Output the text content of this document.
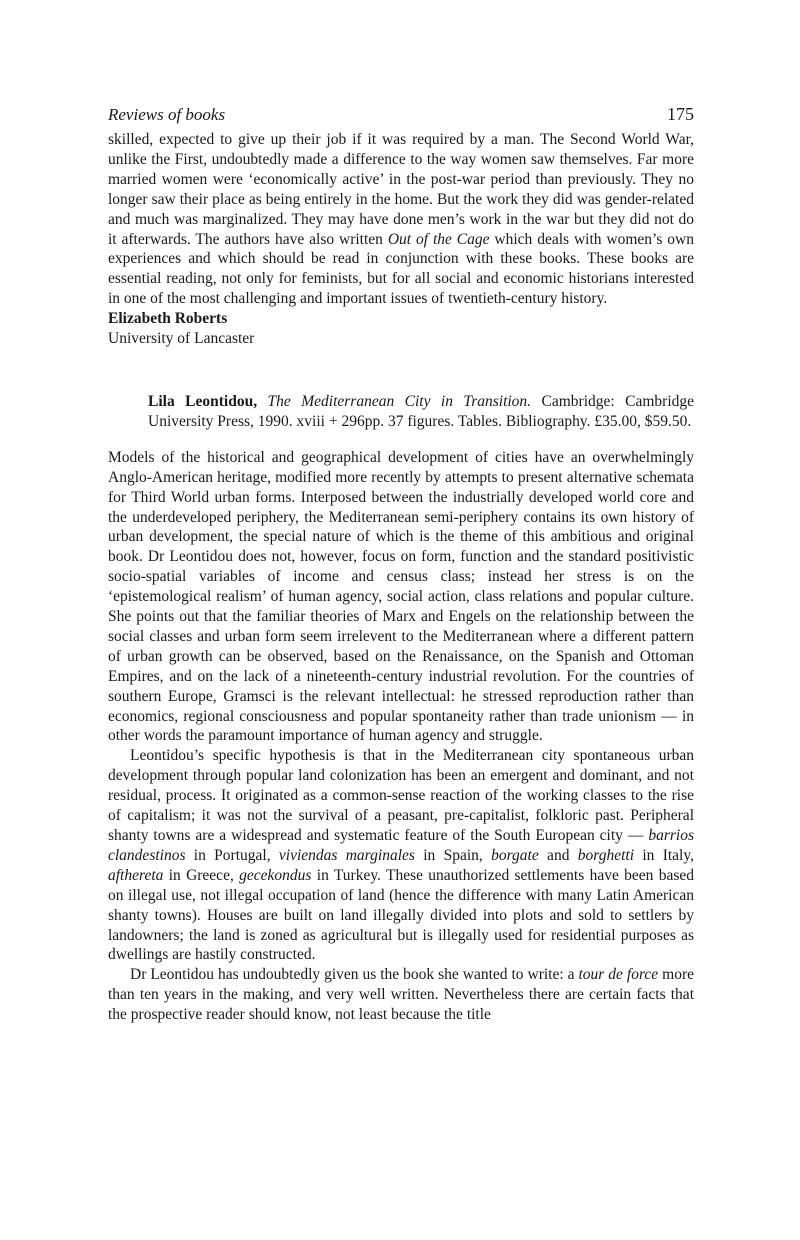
Reviews of books	175

skilled, expected to give up their job if it was required by a man. The Second World War, unlike the First, undoubtedly made a difference to the way women saw themselves. Far more married women were ‘economically active’ in the post-war period than previously. They no longer saw their place as being entirely in the home. But the work they did was gender-related and much was marginalized. They may have done men’s work in the war but they did not do it afterwards. The authors have also written Out of the Cage which deals with women’s own experiences and which should be read in conjunction with these books. These books are essential reading, not only for feminists, but for all social and economic historians interested in one of the most challenging and important issues of twentieth-century history.

Elizabeth Roberts
University of Lancaster

Lila Leontidou, The Mediterranean City in Transition. Cambridge: Cambridge University Press, 1990. xviii + 296pp. 37 figures. Tables. Bibliography. £35.00, $59.50.

Models of the historical and geographical development of cities have an overwhelmingly Anglo-American heritage, modified more recently by attempts to present alternative schemata for Third World urban forms. Interposed between the industrially developed world core and the underdeveloped periphery, the Mediterranean semi-periphery contains its own history of urban development, the special nature of which is the theme of this ambitious and original book. Dr Leontidou does not, however, focus on form, function and the standard positivistic socio-spatial variables of income and census class; instead her stress is on the ‘epistemological realism’ of human agency, social action, class relations and popular culture. She points out that the familiar theories of Marx and Engels on the relationship between the social classes and urban form seem irrelevent to the Mediterranean where a different pattern of urban growth can be observed, based on the Renaissance, on the Spanish and Ottoman Empires, and on the lack of a nineteenth-century industrial revolution. For the countries of southern Europe, Gramsci is the relevant intellectual: he stressed reproduction rather than economics, regional consciousness and popular spontaneity rather than trade unionism — in other words the paramount importance of human agency and struggle.

Leontidou’s specific hypothesis is that in the Mediterranean city spontaneous urban development through popular land colonization has been an emergent and dominant, and not residual, process. It originated as a common-sense reaction of the working classes to the rise of capitalism; it was not the survival of a peasant, pre-capitalist, folkloric past. Peripheral shanty towns are a widespread and systematic feature of the South European city — barrios clandestinos in Portugal, viviendas marginales in Spain, borgate and borghetti in Italy, afthereta in Greece, gecekondus in Turkey. These unauthorized settlements have been based on illegal use, not illegal occupation of land (hence the difference with many Latin American shanty towns). Houses are built on land illegally divided into plots and sold to settlers by landowners; the land is zoned as agricultural but is illegally used for residential purposes as dwellings are hastily constructed.

Dr Leontidou has undoubtedly given us the book she wanted to write: a tour de force more than ten years in the making, and very well written. Nevertheless there are certain facts that the prospective reader should know, not least because the title
